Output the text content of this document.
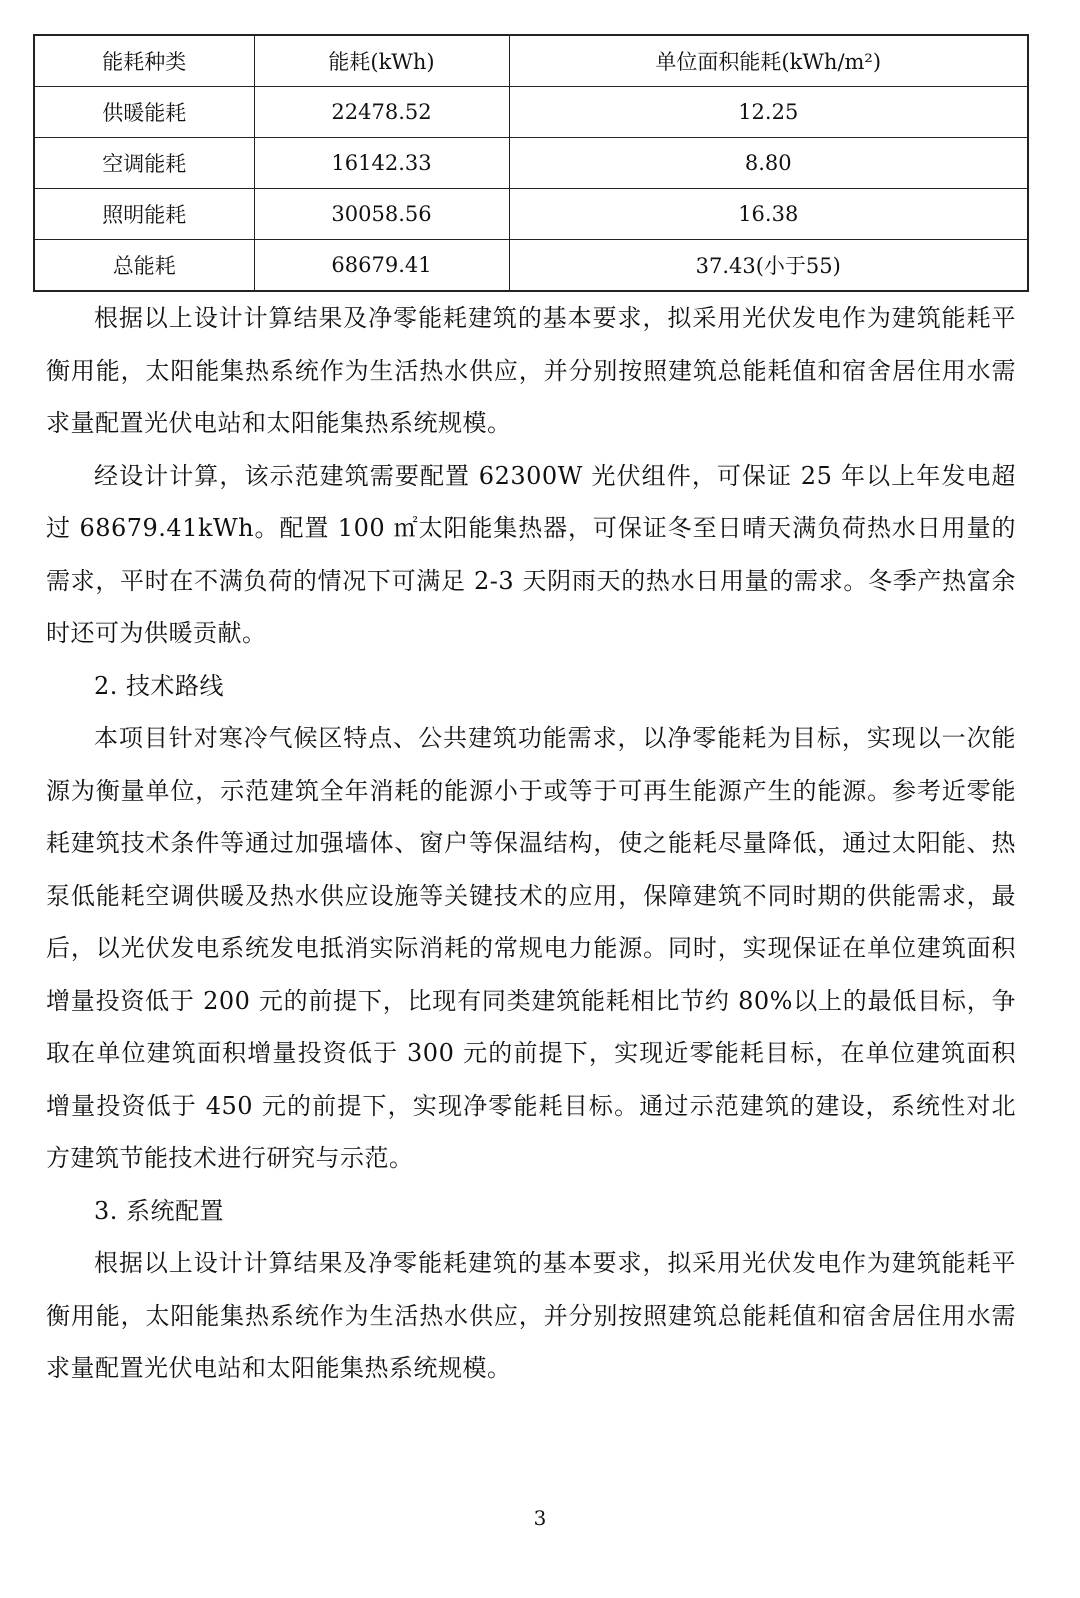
能耗种类	能耗(kWh)	单位面积能耗(kWh/m²)
供暖能耗	22478.52	12.25
空调能耗	16142.33	8.80
照明能耗	30058.56	16.38
总能耗	68679.41	37.43(小于55)

根据以上设计计算结果及净零能耗建筑的基本要求，拟采用光伏发电作为建筑能耗平衡用能，太阳能集热系统作为生活热水供应，并分别按照建筑总能耗值和宿舍居住用水需求量配置光伏电站和太阳能集热系统规模。

经设计计算，该示范建筑需要配置 62300W 光伏组件，可保证 25 年以上年发电超过 68679.41kWh。配置 100 ㎡太阳能集热器，可保证冬至日晴天满负荷热水日用量的需求，平时在不满负荷的情况下可满足 2-3 天阴雨天的热水日用量的需求。冬季产热富余时还可为供暖贡献。

2. 技术路线

本项目针对寒冷气候区特点、公共建筑功能需求，以净零能耗为目标，实现以一次能源为衡量单位，示范建筑全年消耗的能源小于或等于可再生能源产生的能源。参考近零能耗建筑技术条件等通过加强墙体、窗户等保温结构，使之能耗尽量降低，通过太阳能、热泵低能耗空调供暖及热水供应设施等关键技术的应用，保障建筑不同时期的供能需求，最后，以光伏发电系统发电抵消实际消耗的常规电力能源。同时，实现保证在单位建筑面积增量投资低于 200 元的前提下，比现有同类建筑能耗相比节约 80%以上的最低目标，争取在单位建筑面积增量投资低于 300 元的前提下，实现近零能耗目标，在单位建筑面积增量投资低于 450 元的前提下，实现净零能耗目标。通过示范建筑的建设，系统性对北方建筑节能技术进行研究与示范。

3. 系统配置

根据以上设计计算结果及净零能耗建筑的基本要求，拟采用光伏发电作为建筑能耗平衡用能，太阳能集热系统作为生活热水供应，并分别按照建筑总能耗值和宿舍居住用水需求量配置光伏电站和太阳能集热系统规模。

3
